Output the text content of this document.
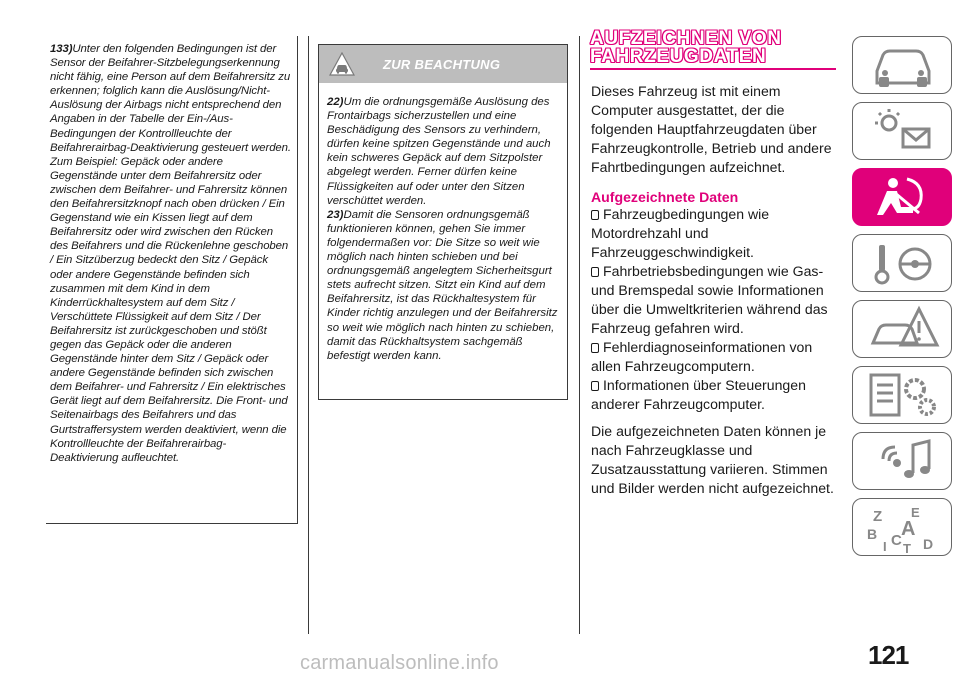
133)Unter den folgenden Bedingungen ist der Sensor der Beifahrer-Sitzbelegungserkennung nicht fähig, eine Person auf dem Beifahrersitz zu erkennen; folglich kann die Auslösung/Nicht-Auslösung der Airbags nicht entsprechend den Angaben in der Tabelle der Ein-/Aus-Bedingungen der Kontrollleuchte der Beifahrerairbag-Deaktivierung gesteuert werden. Zum Beispiel: Gepäck oder andere Gegenstände unter dem Beifahrersitz oder zwischen dem Beifahrer- und Fahrersitz können den Beifahrersitzknopf nach oben drücken / Ein Gegenstand wie ein Kissen liegt auf dem Beifahrersitz oder wird zwischen den Rücken des Beifahrers und die Rückenlehne geschoben / Ein Sitzüberzug bedeckt den Sitz / Gepäck oder andere Gegenstände befinden sich zusammen mit dem Kind in dem Kinderrückhaltesystem auf dem Sitz / Verschüttete Flüssigkeit auf dem Sitz / Der Beifahrersitz ist zurückgeschoben und stößt gegen das Gepäck oder die anderen Gegenstände hinter dem Sitz / Gepäck oder andere Gegenstände befinden sich zwischen dem Beifahrer- und Fahrersitz / Ein elektrisches Gerät liegt auf dem Beifahrersitz. Die Front- und Seitenairbags des Beifahrers und das Gurtstraffersystem werden deaktiviert, wenn die Kontrollleuchte der Beifahrerairbag-Deaktivierung aufleuchtet.
ZUR BEACHTUNG

22)Um die ordnungsgemäße Auslösung des Frontairbags sicherzustellen und eine Beschädigung des Sensors zu verhindern, dürfen keine spitzen Gegenstände und auch kein schweres Gepäck auf dem Sitzpolster abgelegt werden. Ferner dürfen keine Flüssigkeiten auf oder unter den Sitzen verschüttet werden.

23)Damit die Sensoren ordnungsgemäß funktionieren können, gehen Sie immer folgendermaßen vor: Die Sitze so weit wie möglich nach hinten schieben und bei ordnungsgemäß angelegtem Sicherheitsgurt stets aufrecht sitzen. Sitzt ein Kind auf dem Beifahrersitz, ist das Rückhaltesystem für Kinder richtig anzulegen und der Beifahrersitz so weit wie möglich nach hinten zu schieben, damit das Rückhaltsystem sachgemäß befestigt werden kann.

AUFZEICHNEN VON
FAHRZEUGDATEN
Dieses Fahrzeug ist mit einem Computer ausgestattet, der die folgenden Hauptfahrzeugdaten über Fahrzeugkontrolle, Betrieb und andere Fahrtbedingungen aufzeichnet.
Aufgezeichnete Daten
Fahrzeugbedingungen wie Motordrehzahl und Fahrzeuggeschwindigkeit.
Fahrbetriebsbedingungen wie Gas- und Bremspedal sowie Informationen über die Umweltkriterien während das Fahrzeug gefahren wird.
Fehlerdiagnoseinformationen von allen Fahrzeugcomputern.
Informationen über Steuerungen anderer Fahrzeugcomputer.
Die aufgezeichneten Daten können je nach Fahrzeugklasse und Zusatzausstattung variieren. Stimmen und Bilder werden nicht aufgezeichnet.
Z E
A
B
I C T D
121
carmanualsonline.info
